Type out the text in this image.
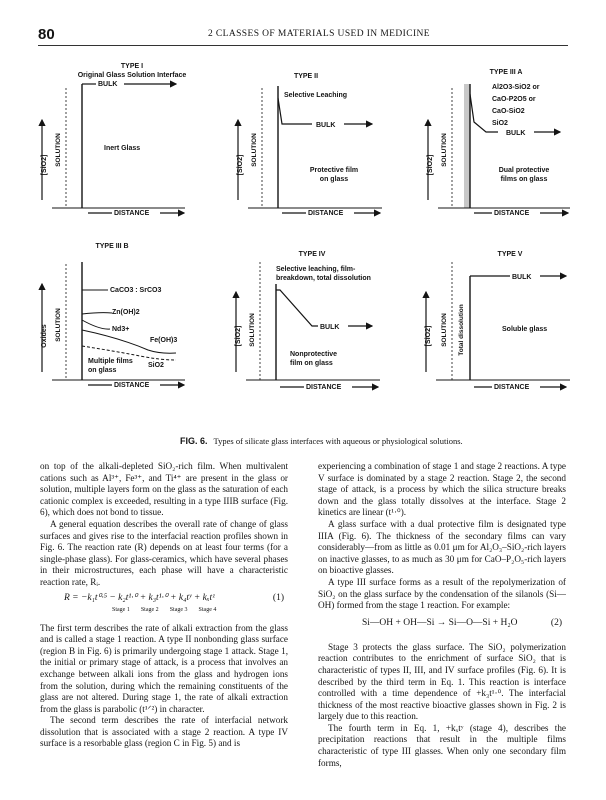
80	2 CLASSES OF MATERIALS USED IN MEDICINE
TYPE I
Original Glass Solution Interface
BULK
SOLUTION	Inert Glass
[SiO2]
DISTANCE
TYPE II
Selective Leaching
BULK
SOLUTION
Protective film
on glass
[SiO2]
DISTANCE
TYPE III A
Al2O3-SiO2 or
CaO-P2O5 or
CaO-SiO2
SiO2
BULK
SOLUTION
Dual protective
films on glass
[SiO2]
DISTANCE
TYPE III B
CaCO3 : SrCO3
Zn(OH)2
Nd3+
Fe(OH)3
SiO2
Multiple films
on glass
SOLUTION
Oxides
DISTANCE
TYPE IV
Selective leaching, film-
breakdown, total dissolution
BULK
SOLUTION
Nonprotective
film on glass
[SiO2]
DISTANCE
TYPE V
BULK
SOLUTION Total dissolution	Soluble glass
[SiO2]
DISTANCE
FIG. 6. Types of silicate glass interfaces with aqueous or physiological solutions.

on top of the alkali-depleted SiO₂-rich film. When multivalent cations such as Al³⁺, Fe³⁺, and Ti⁴⁺ are present in the glass or solution, multiple layers form on the glass as the saturation of each cationic complex is exceeded, resulting in a type IIIB surface (Fig. 6), which does not bond to tissue.

A general equation describes the overall rate of change of glass surfaces and gives rise to the interfacial reaction profiles shown in Fig. 6. The reaction rate (R) depends on at least four terms (for a single-phase glass). For glass-ceramics, which have several phases in their microstructures, each phase will have a characteristic reaction rate, Rᵢ.

R = −k₁t⁰·⁵ − k₂t¹·⁰ + k₃t¹·⁰ + k₄tʸ + kₓtᶻ	(1)
Stage 1 Stage 2 Stage 3 Stage 4

The first term describes the rate of alkali extraction from the glass and is called a stage 1 reaction. A type II nonbonding glass surface (region B in Fig. 6) is primarily undergoing stage 1 attack. Stage 1, the initial or primary stage of attack, is a process that involves an exchange between alkali ions from the glass and hydrogen ions from the solution, during which the remaining constituents of the glass are not altered. During stage 1, the rate of alkali extraction from the glass is parabolic (t¹ᐟ²) in character.

The second term describes the rate of interfacial network dissolution that is associated with a stage 2 reaction. A type IV surface is a resorbable glass (region C in Fig. 5) and is

experiencing a combination of stage 1 and stage 2 reactions. A type V surface is dominated by a stage 2 reaction. Stage 2, the second stage of attack, is a process by which the silica structure breaks down and the glass totally dissolves at the interface. Stage 2 kinetics are linear (t¹·⁰).

A glass surface with a dual protective film is designated type IIIA (Fig. 6). The thickness of the secondary films can vary considerably—from as little as 0.01 μm for Al₂O₃–SiO₂-rich layers on inactive glasses, to as much as 30 μm for CaO–P₂O₅-rich layers on bioactive glasses.

A type III surface forms as a result of the repolymerization of SiO₂ on the glass surface by the condensation of the silanols (Si—OH) formed from the stage 1 reaction. For example:

Si—OH + OH—Si → Si—O—Si + H₂O	(2)

Stage 3 protects the glass surface. The SiO₂ polymerization reaction contributes to the enrichment of surface SiO₂ that is characteristic of types II, III, and IV surface profiles (Fig. 6). It is described by the third term in Eq. 1. This reaction is interface controlled with a time dependence of +k₃t¹·⁰. The interfacial thickness of the most reactive bioactive glasses shown in Fig. 2 is largely due to this reaction.

The fourth term in Eq. 1, +kₓtʸ (stage 4), describes the precipitation reactions that result in the multiple films characteristic of type III glasses. When only one secondary film forms,
